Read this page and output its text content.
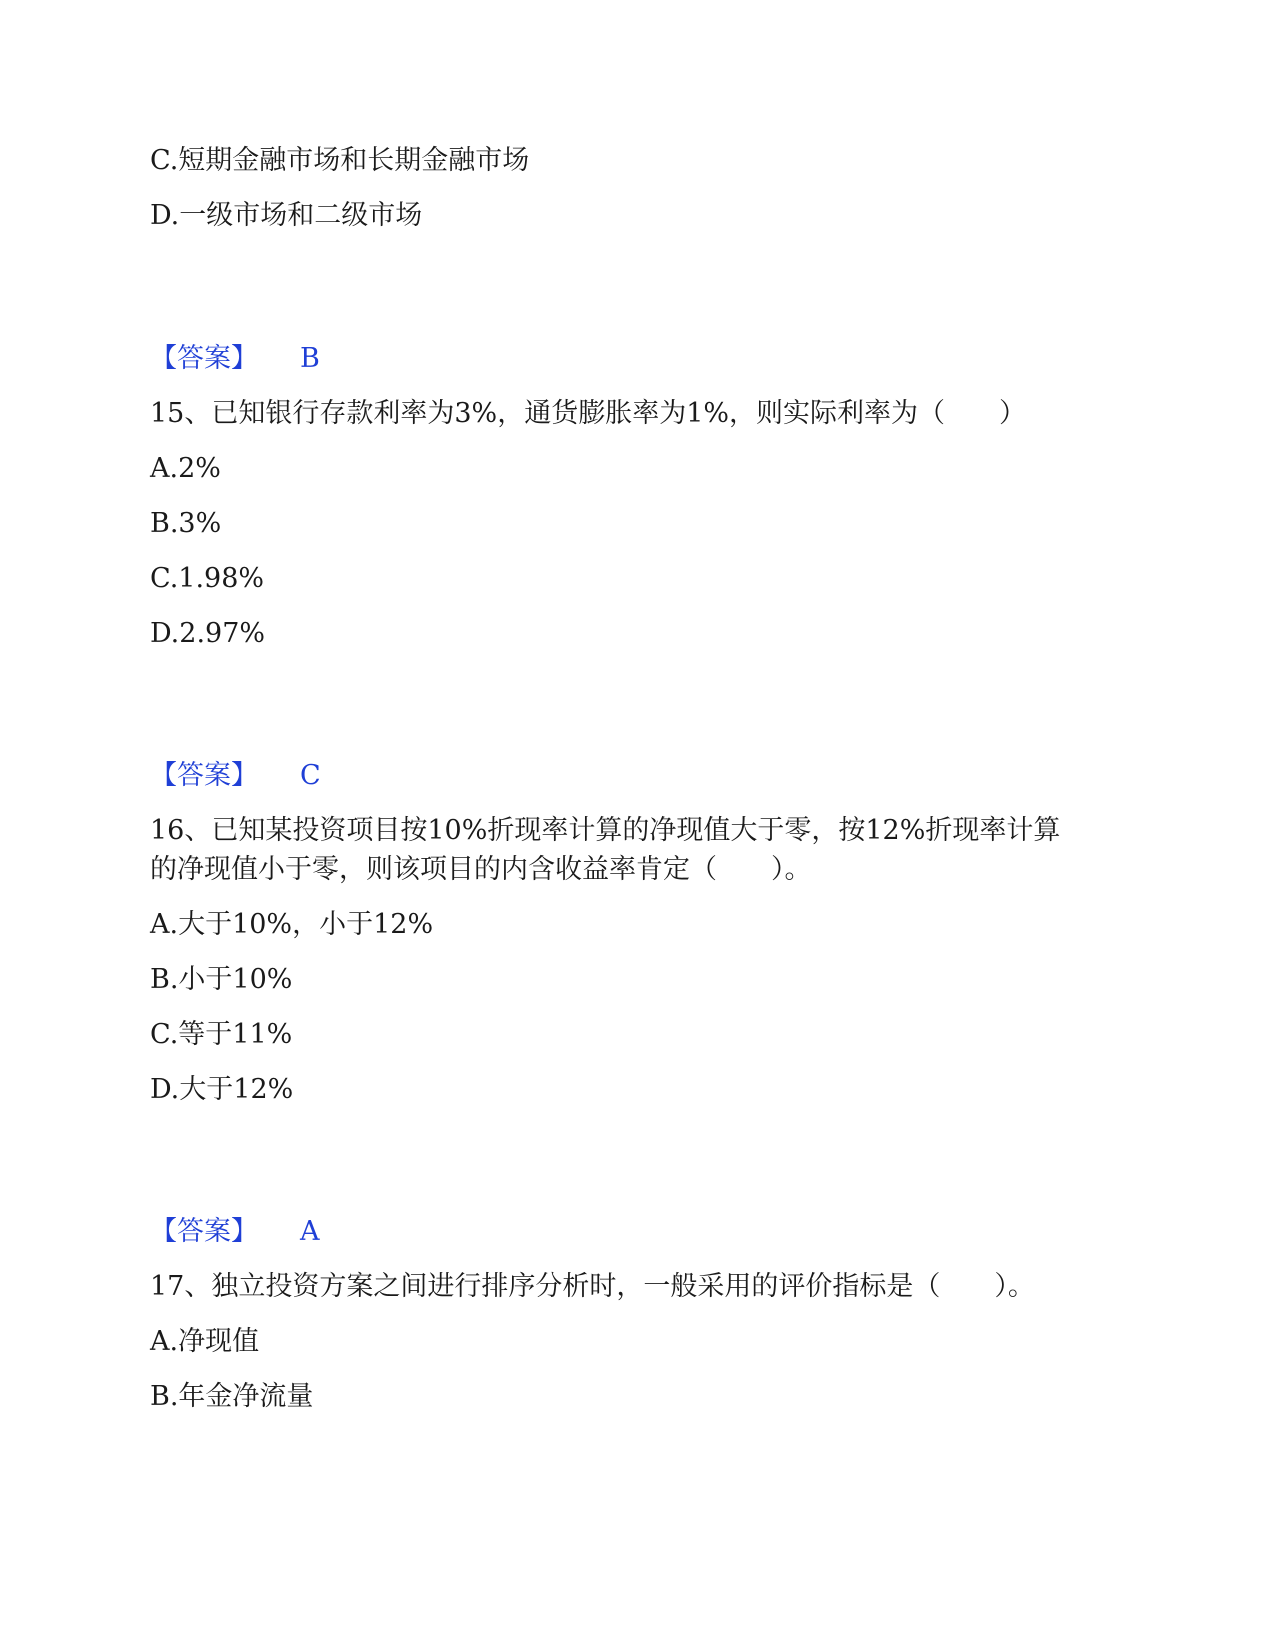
C.短期金融市场和长期金融市场

D.一级市场和二级市场

【答案】 B

15、已知银行存款利率为3%，通货膨胀率为1%，则实际利率为（　　）

A.2%

B.3%

C.1.98%

D.2.97%

【答案】 C

16、已知某投资项目按10%折现率计算的净现值大于零，按12%折现率计算

的净现值小于零，则该项目的内含收益率肯定（　　）。

A.大于10%，小于12%

B.小于10%

C.等于11%

D.大于12%

【答案】 A

17、独立投资方案之间进行排序分析时，一般采用的评价指标是（　　）。

A.净现值

B.年金净流量
